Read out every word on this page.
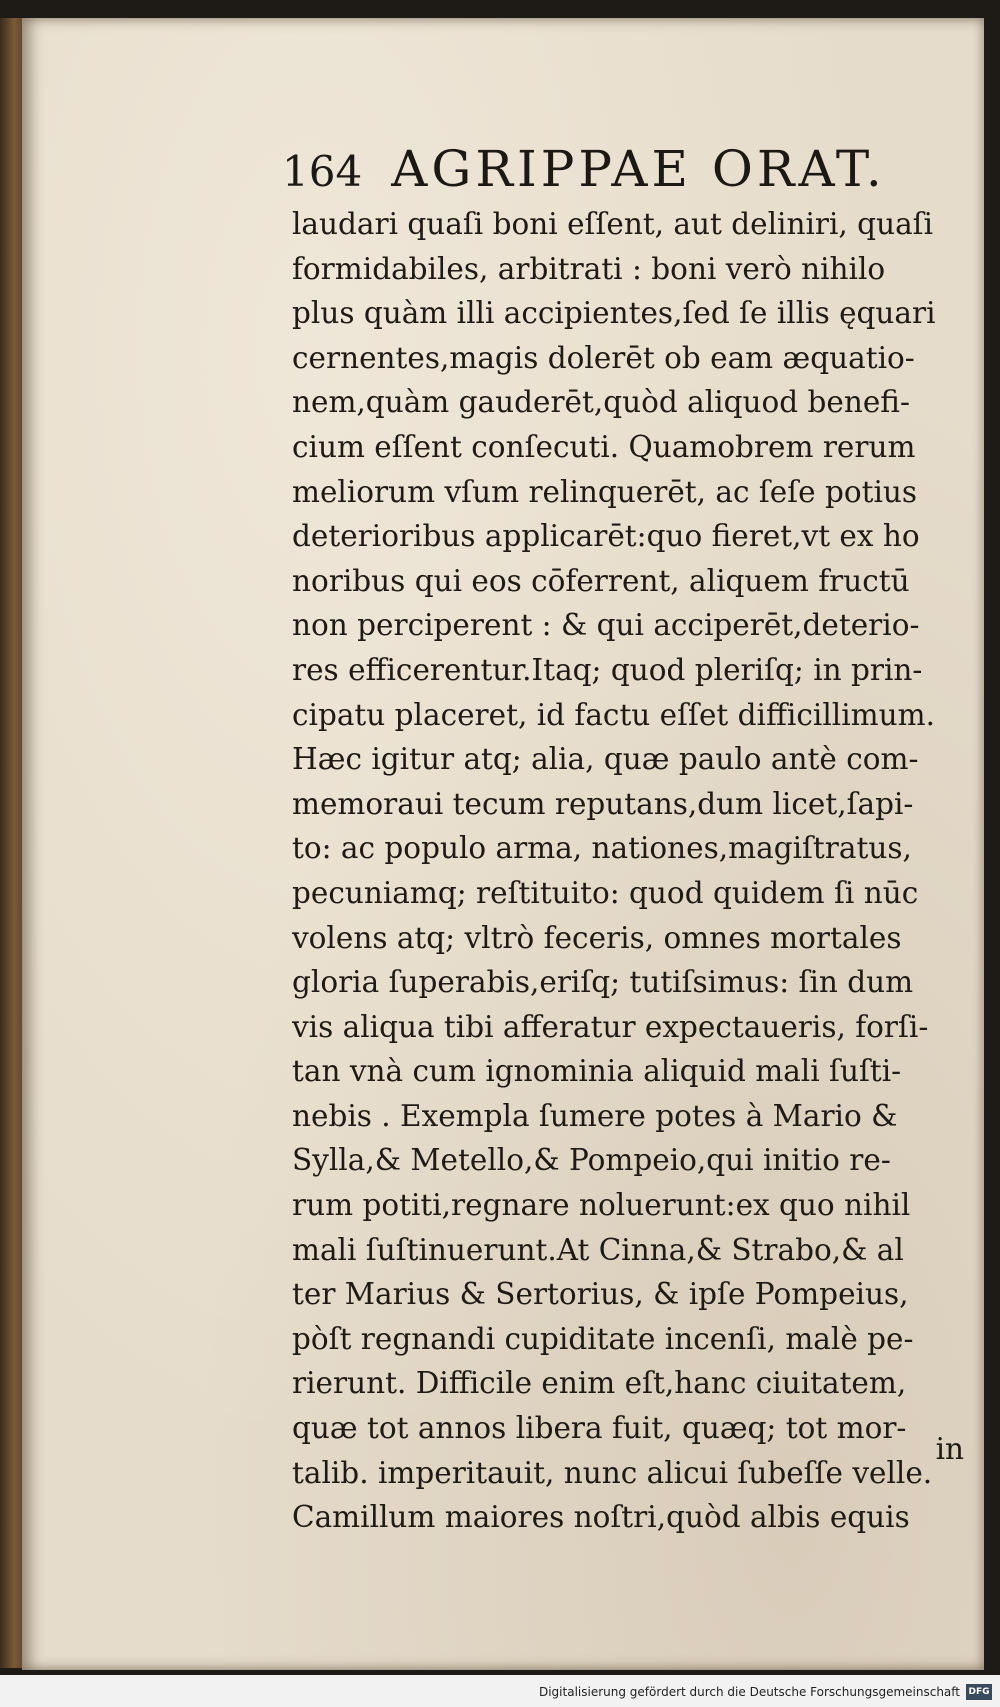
164 AGRIPPAE ORAT.
laudari quaſi boni eſſent, aut deliniri, quaſi
formidabiles, arbitrati : boni verò nihilo
plus quàm illi accipientes,ſed ſe illis ęquari
cernentes,magis dolerēt ob eam æquatio-
nem,quàm gauderēt,quòd aliquod benefi-
cium eſſent conſecuti. Quamobrem rerum
meliorum vſum relinquerēt, ac ſeſe potius
deterioribus applicarēt:quo fieret,vt ex ho
noribus qui eos cōferrent, aliquem fructū
non perciperent : & qui acciperēt,deterio-
res efficerentur.Itaq; quod pleriſq; in prin-
cipatu placeret, id factu eſſet difficillimum.
Hæc igitur atq; alia, quæ paulo antè com-
memoraui tecum reputans,dum licet,ſapi-
to: ac populo arma, nationes,magiſtratus,
pecuniamq; reſtituito: quod quidem ſi nūc
volens atq; vltrò feceris, omnes mortales
gloria ſuperabis,eriſq; tutiſsimus: ſin dum
vis aliqua tibi afferatur expectaueris, forſi-
tan vnà cum ignominia aliquid mali ſuſti-
nebis . Exempla ſumere potes à Mario &
Sylla,& Metello,& Pompeio,qui initio re-
rum potiti,regnare noluerunt:ex quo nihil
mali ſuſtinuerunt.At Cinna,& Strabo,& al
ter Marius & Sertorius, & ipſe Pompeius,
pòſt regnandi cupiditate incenſi, malè pe-
rierunt. Difficile enim eſt,hanc ciuitatem,
quæ tot annos libera fuit, quæq; tot mor-
talib. imperitauit, nunc alicui ſubeſſe velle.
Camillum maiores noſtri,quòd albis equis
in
Digitalisierung gefördert durch die Deutsche Forschungsgemeinschaft DFG
